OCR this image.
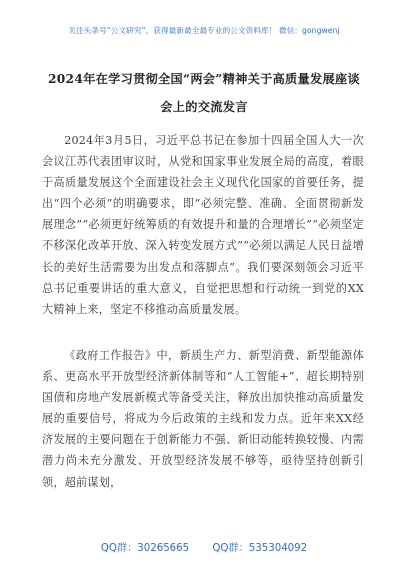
关注头条号“公文研究”，获得最新最全最专业的公文资料库！ 微信：gongwenj
2024年在学习贯彻全国“两会”精神关于高质量发展座谈
会上的交流发言

2024年3月5日，习近平总书记在参加十四届全国人大一次会议江苏代表团审议时，从党和国家事业发展全局的高度，着眼于高质量发展这个全面建设社会主义现代化国家的首要任务，提出“四个必须”的明确要求，即“必须完整、准确、全面贯彻新发展理念”“必须更好统筹质的有效提升和量的合理增长”“必须坚定不移深化改革开放、深入转变发展方式”“必须以满足人民日益增长的美好生活需要为出发点和落脚点”。我们要深刻领会习近平总书记重要讲话的重大意义，自觉把思想和行动统一到党的XX大精神上来，坚定不移推动高质量发展。

《政府工作报告》中，新质生产力、新型消费、新型能源体系、更高水平开放型经济新体制等和“人工智能+”、超长期特别国债和房地产发展新模式等备受关注，释放出加快推动高质量发展的重要信号，将成为今后政策的主线和发力点。近年来XX经济发展的主要问题在于创新能力不强、新旧动能转换较慢、内需潜力尚未充分激发、开放型经济发展不够等，亟待坚持创新引领，超前谋划，

QQ群：30265665 QQ群：535304092
